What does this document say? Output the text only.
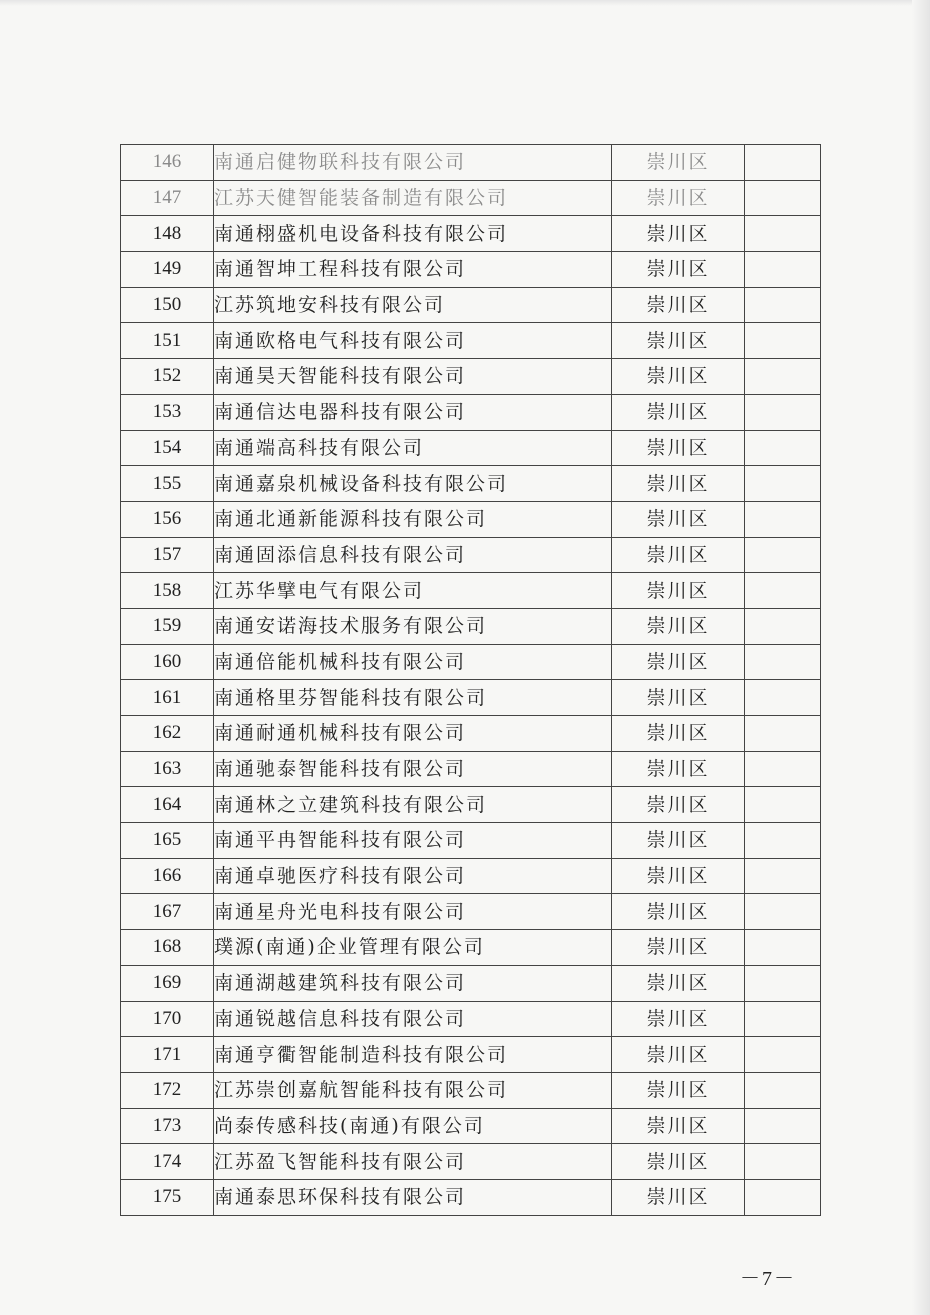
146	南通启健物联科技有限公司	崇川区	
147	江苏天健智能装备制造有限公司	崇川区	
148	南通栩盛机电设备科技有限公司	崇川区	
149	南通智坤工程科技有限公司	崇川区	
150	江苏筑地安科技有限公司	崇川区	
151	南通欧格电气科技有限公司	崇川区	
152	南通昊天智能科技有限公司	崇川区	
153	南通信达电器科技有限公司	崇川区	
154	南通端高科技有限公司	崇川区	
155	南通嘉泉机械设备科技有限公司	崇川区	
156	南通北通新能源科技有限公司	崇川区	
157	南通固添信息科技有限公司	崇川区	
158	江苏华擘电气有限公司	崇川区	
159	南通安诺海技术服务有限公司	崇川区	
160	南通倍能机械科技有限公司	崇川区	
161	南通格里芬智能科技有限公司	崇川区	
162	南通耐通机械科技有限公司	崇川区	
163	南通驰泰智能科技有限公司	崇川区	
164	南通林之立建筑科技有限公司	崇川区	
165	南通平冉智能科技有限公司	崇川区	
166	南通卓驰医疗科技有限公司	崇川区	
167	南通星舟光电科技有限公司	崇川区	
168	璞源(南通)企业管理有限公司	崇川区	
169	南通湖越建筑科技有限公司	崇川区	
170	南通锐越信息科技有限公司	崇川区	
171	南通亨衢智能制造科技有限公司	崇川区	
172	江苏崇创嘉航智能科技有限公司	崇川区	
173	尚泰传感科技(南通)有限公司	崇川区	
174	江苏盈飞智能科技有限公司	崇川区	
175	南通泰思环保科技有限公司	崇川区	
－7－
